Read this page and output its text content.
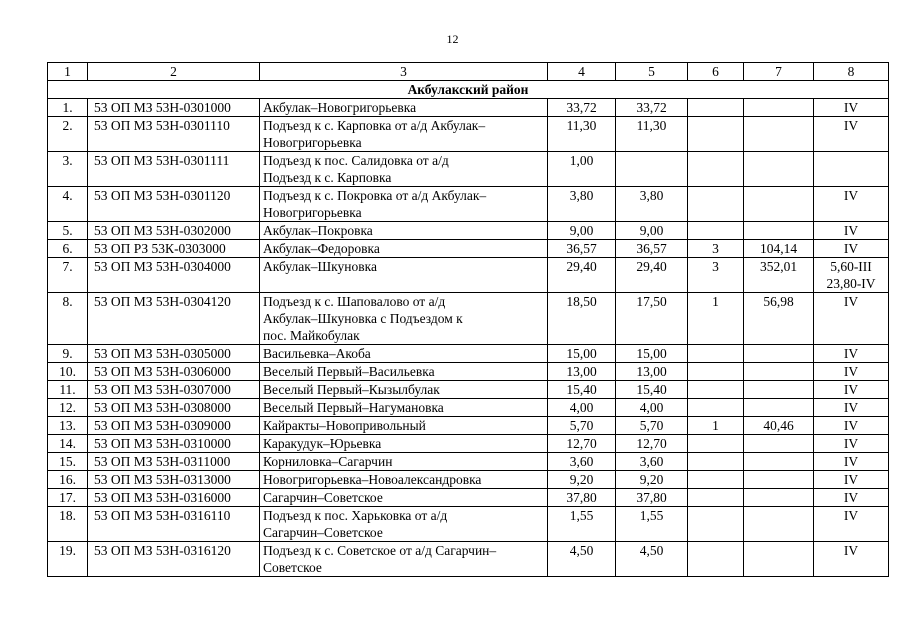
12
1	2	3	4	5	6	7	8
Акбулакский район							
1.	53 ОП МЗ 53Н-0301000	Акбулак–Новогригорьевка	33,72	33,72			IV

2.	53 ОП МЗ 53Н-0301110	Подъезд к с. Карповка от а/д Акбулак–
Новогригорьевка	11,30	11,30			IV

3.	53 ОП МЗ 53Н-0301111	Подъезд к пос. Салидовка от а/д
Подъезд к с. Карповка	1,00				

4.	53 ОП МЗ 53Н-0301120	Подъезд к с. Покровка от а/д Акбулак–
Новогригорьевка	3,80	3,80			IV

5.	53 ОП МЗ 53Н-0302000	Акбулак–Покровка	9,00	9,00			IV

6.	53 ОП РЗ 53К-0303000	Акбулак–Федоровка	36,57	36,57	3	104,14	IV

7.	53 ОП МЗ 53Н-0304000	Акбулак–Шкуновка	29,40	29,40	3	352,01	5,60-III
23,80-IV

8.	53 ОП МЗ 53Н-0304120	Подъезд к с. Шаповалово от а/д
Акбулак–Шкуновка с Подъездом к
пос. Майкобулак	18,50	17,50	1	56,98	IV

9.	53 ОП МЗ 53Н-0305000	Васильевка–Акоба	15,00	15,00			IV

10.	53 ОП МЗ 53Н-0306000	Веселый Первый–Васильевка	13,00	13,00			IV

11.	53 ОП МЗ 53Н-0307000	Веселый Первый–Кызылбулак	15,40	15,40			IV

12.	53 ОП МЗ 53Н-0308000	Веселый Первый–Нагумановка	4,00	4,00			IV

13.	53 ОП МЗ 53Н-0309000	Кайракты–Новопривольный	5,70	5,70	1	40,46	IV

14.	53 ОП МЗ 53Н-0310000	Каракудук–Юрьевка	12,70	12,70			IV

15.	53 ОП МЗ 53Н-0311000	Корниловка–Сагарчин	3,60	3,60			IV

16.	53 ОП МЗ 53Н-0313000	Новогригорьевка–Новоалександровка	9,20	9,20			IV

17.	53 ОП МЗ 53Н-0316000	Сагарчин–Советское	37,80	37,80			IV

18.	53 ОП МЗ 53Н-0316110	Подъезд к пос. Харьковка от а/д
Сагарчин–Советское	1,55	1,55			IV

19.	53 ОП МЗ 53Н-0316120	Подъезд к с. Советское от а/д Сагарчин–
Советское	4,50	4,50			IV
